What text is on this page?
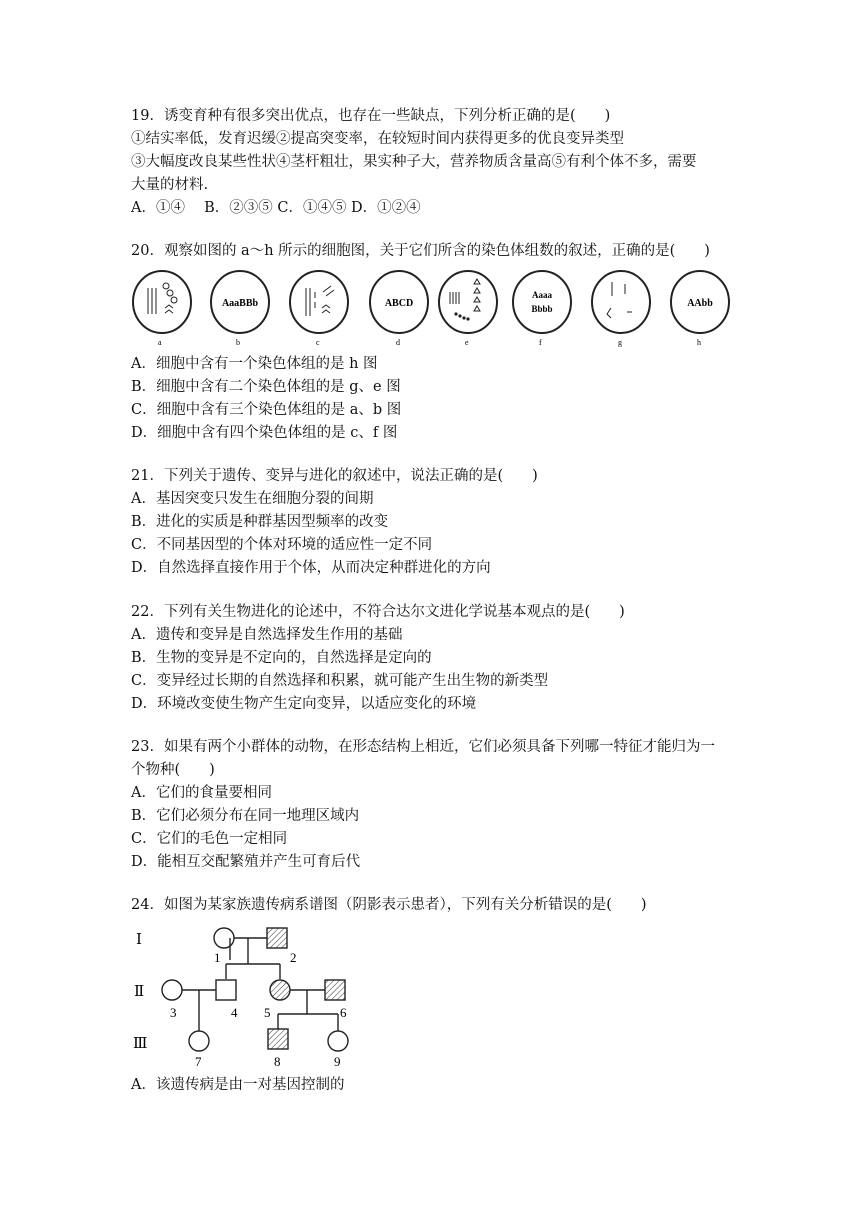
19．诱变育种有很多突出优点，也存在一些缺点，下列分析正确的是(　　)
①结实率低，发育迟缓②提高突变率，在较短时间内获得更多的优良变异类型
③大幅度改良某些性状④茎杆粗壮，果实种子大，营养物质含量高⑤有利个体不多，需要
大量的材料.
A．①④　 B．②③⑤ C．①④⑤ D．①②④
20．观察如图的 a～h 所示的细胞图，关于它们所含的染色体组数的叙述，正确的是(　　)
a
AaaBBb
b	c
ABCD
d	e
Aaaa
Bbbb
f	g
AAbb
h
A．细胞中含有一个染色体组的是 h 图
B．细胞中含有二个染色体组的是 g、e 图
C．细胞中含有三个染色体组的是 a、b 图
D．细胞中含有四个染色体组的是 c、f 图
21．下列关于遗传、变异与进化的叙述中，说法正确的是(　　)
A．基因突变只发生在细胞分裂的间期
B．进化的实质是种群基因型频率的改变
C．不同基因型的个体对环境的适应性一定不同
D．自然选择直接作用于个体，从而决定种群进化的方向
22．下列有关生物进化的论述中，不符合达尔文进化学说基本观点的是(　　)
A．遗传和变异是自然选择发生作用的基础
B．生物的变异是不定向的，自然选择是定向的
C．变异经过长期的自然选择和积累，就可能产生出生物的新类型
D．环境改变使生物产生定向变异，以适应变化的环境
23．如果有两个小群体的动物，在形态结构上相近，它们必须具备下列哪一特征才能归为一
个物种(　　)
A．它们的食量要相同
B．它们必须分布在同一地理区域内
C．它们的毛色一定相同
D．能相互交配繁殖并产生可育后代
24．如图为某家族遗传病系谱图（阴影表示患者），下列有关分析错误的是(　　)
Ⅰ
Ⅱ
Ⅲ
1	2
3	4 5	6
7	8	9
A．该遗传病是由一对基因控制的
